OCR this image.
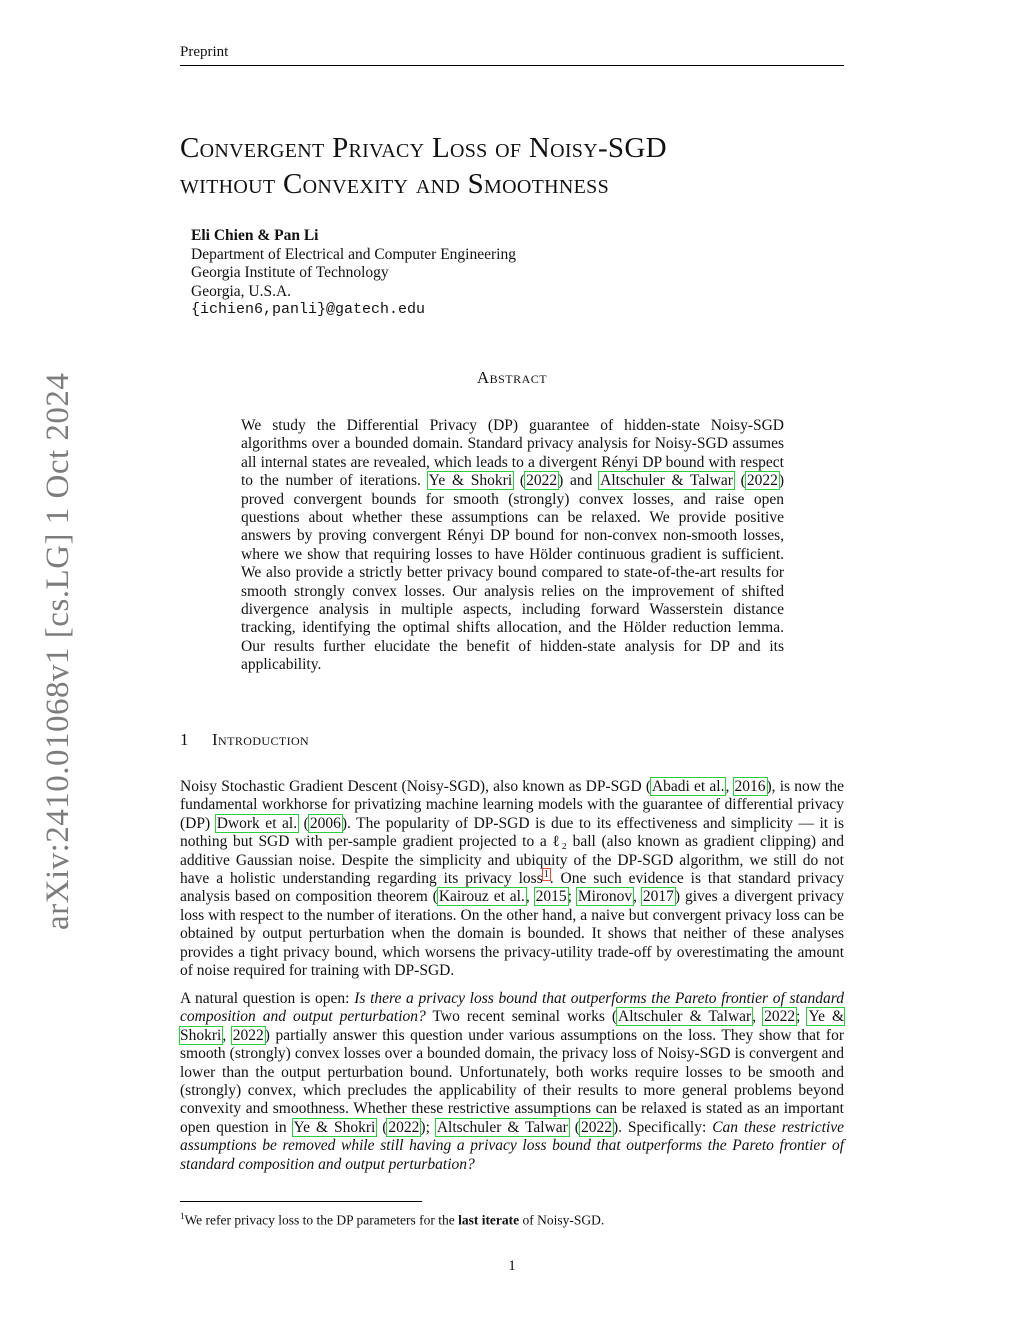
Preprint
arXiv:2410.01068v1 [cs.LG] 1 Oct 2024
Convergent Privacy Loss of Noisy-SGD
without Convexity and Smoothness
Eli Chien & Pan Li
Department of Electrical and Computer Engineering
Georgia Institute of Technology
Georgia, U.S.A.
{ichien6,panli}@gatech.edu
Abstract
We study the Differential Privacy (DP) guarantee of hidden-state Noisy-SGD algorithms over a bounded domain. Standard privacy analysis for Noisy-SGD assumes all internal states are revealed, which leads to a divergent Rényi DP bound with respect to the number of iterations. Ye & Shokri (2022) and Altschuler & Talwar (2022) proved convergent bounds for smooth (strongly) convex losses, and raise open questions about whether these assumptions can be relaxed. We provide positive answers by proving convergent Rényi DP bound for non-convex non-smooth losses, where we show that requiring losses to have Hölder continuous gradient is sufficient. We also provide a strictly better privacy bound compared to state-of-the-art results for smooth strongly convex losses. Our analysis relies on the improvement of shifted divergence analysis in multiple aspects, including forward Wasserstein distance tracking, identifying the optimal shifts allocation, and the Hölder reduction lemma. Our results further elucidate the benefit of hidden-state analysis for DP and its applicability.
1 Introduction
Noisy Stochastic Gradient Descent (Noisy-SGD), also known as DP-SGD (Abadi et al., 2016), is now the fundamental workhorse for privatizing machine learning models with the guarantee of differential privacy (DP) Dwork et al. (2006). The popularity of DP-SGD is due to its effectiveness and simplicity — it is nothing but SGD with per-sample gradient projected to a ℓ₂ ball (also known as gradient clipping) and additive Gaussian noise. Despite the simplicity and ubiquity of the DP-SGD algorithm, we still do not have a holistic understanding regarding its privacy loss$^1$. One such evidence is that standard privacy analysis based on composition theorem (Kairouz et al., 2015; Mironov, 2017) gives a divergent privacy loss with respect to the number of iterations. On the other hand, a naive but convergent privacy loss can be obtained by output perturbation when the domain is bounded. It shows that neither of these analyses provides a tight privacy bound, which worsens the privacy-utility trade-off by overestimating the amount of noise required for training with DP-SGD.
A natural question is open: Is there a privacy loss bound that outperforms the Pareto frontier of standard composition and output perturbation? Two recent seminal works (Altschuler & Talwar, 2022; Ye & Shokri, 2022) partially answer this question under various assumptions on the loss. They show that for smooth (strongly) convex losses over a bounded domain, the privacy loss of Noisy-SGD is convergent and lower than the output perturbation bound. Unfortunately, both works require losses to be smooth and (strongly) convex, which precludes the applicability of their results to more general problems beyond convexity and smoothness. Whether these restrictive assumptions can be relaxed is stated as an important open question in Ye & Shokri (2022); Altschuler & Talwar (2022). Specifically: Can these restrictive assumptions be removed while still having a privacy loss bound that outperforms the Pareto frontier of standard composition and output perturbation?
$^1$We refer privacy loss to the DP parameters for the last iterate of Noisy-SGD.
1
